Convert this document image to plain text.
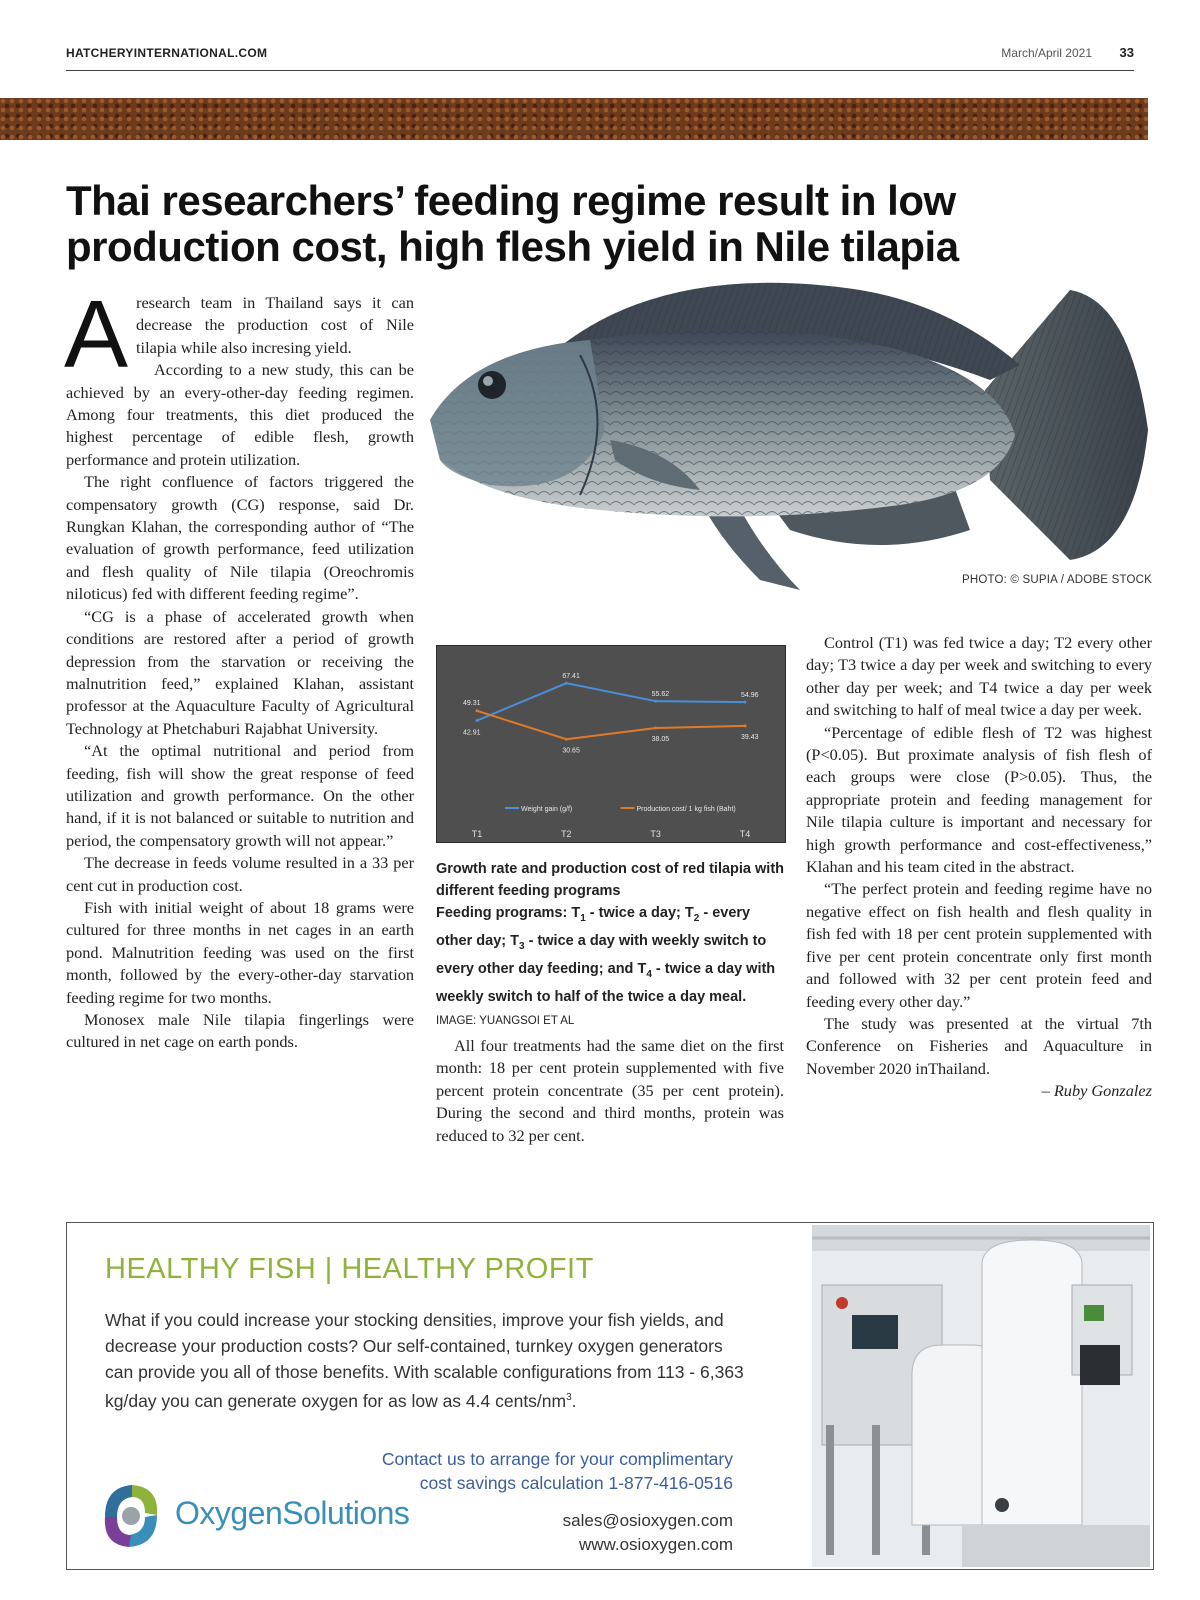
HATCHERYINTERNATIONAL.COM	March/April 2021 33
Thai researchers’ feeding regime result in low production cost, high flesh yield in Nile tilapia

A research team in Thailand says it can decrease the production cost of Nile tilapia while also incresing yield.

According to a new study, this can be achieved by an every-other-day feeding regimen. Among four treatments, this diet produced the highest percentage of edible flesh, growth performance and protein utilization.

The right confluence of factors triggered the compensatory growth (CG) response, said Dr. Rungkan Klahan, the corresponding author of “The evaluation of growth performance, feed utilization and flesh quality of Nile tilapia (Oreochromis niloticus) fed with different feeding regime”.

“CG is a phase of accelerated growth when conditions are restored after a period of growth depression from the starvation or receiving the malnutrition feed,” explained Klahan, assistant professor at the Aquaculture Faculty of Agricultural Technology at Phetchaburi Rajabhat University.

“At the optimal nutritional and period from feeding, fish will show the great response of feed utilization and growth performance. On the other hand, if it is not balanced or suitable to nutrition and period, the compensatory growth will not appear.”

The decrease in feeds volume resulted in a 33 per cent cut in production cost.

Fish with initial weight of about 18 grams were cultured for three months in net cages in an earth pond. Malnutrition feeding was used on the first month, followed by the every-other-day starvation feeding regime for two months.

Monosex male Nile tilapia fingerlings were cultured in net cage on earth ponds.

PHOTO: © SUPIA / ADOBE STOCK
42.91
67.41
55.62	54.96
49.31
30.65
38.05	39.43
Weight gain (g/f)	Production cost/ 1 kg fish (Baht)
T1	T2	T3	T4
Growth rate and production cost of red tilapia with different feeding programs
Feeding programs: $T_1$ - twice a day; $T_2$ - every other day; $T_3$ - twice a day with weekly switch to every other day feeding; and $T_4$ - twice a day with weekly switch to half of the twice a day meal. IMAGE: YUANGSOI ET AL

All four treatments had the same diet on the first month: 18 per cent protein supplemented with five percent protein concentrate (35 per cent protein). During the second and third months, protein was reduced to 32 per cent.

Control (T1) was fed twice a day; T2 every other day; T3 twice a day per week and switching to every other day per week; and T4 twice a day per week and switching to half of meal twice a day per week.

“Percentage of edible flesh of T2 was highest (P<0.05). But proximate analysis of fish flesh of each groups were close (P>0.05). Thus, the appropriate protein and feeding management for Nile tilapia culture is important and necessary for high growth performance and cost-effectiveness,” Klahan and his team cited in the abstract.

“The perfect protein and feeding regime have no negative effect on fish health and flesh quality in fish fed with 18 per cent protein supplemented with five per cent protein concentrate only first month and followed with 32 per cent protein feed and feeding every other day.”

The study was presented at the virtual 7th Conference on Fisheries and Aquaculture in November 2020 inThailand.

– Ruby Gonzalez

HEALTHY FISH | HEALTHY PROFIT
What if you could increase your stocking densities, improve your fish yields, and decrease your production costs? Our self-contained, turnkey oxygen generators can provide you all of those benefits. With scalable configurations from 113 - 6,363 kg/day you can generate oxygen for as low as 4.4 cents/$nm^3$.
Contact us to arrange for your complimentary
cost savings calculation 1-877-416-0516
sales@osioxygen.com
www.osioxygen.com
OxygenSolutions
